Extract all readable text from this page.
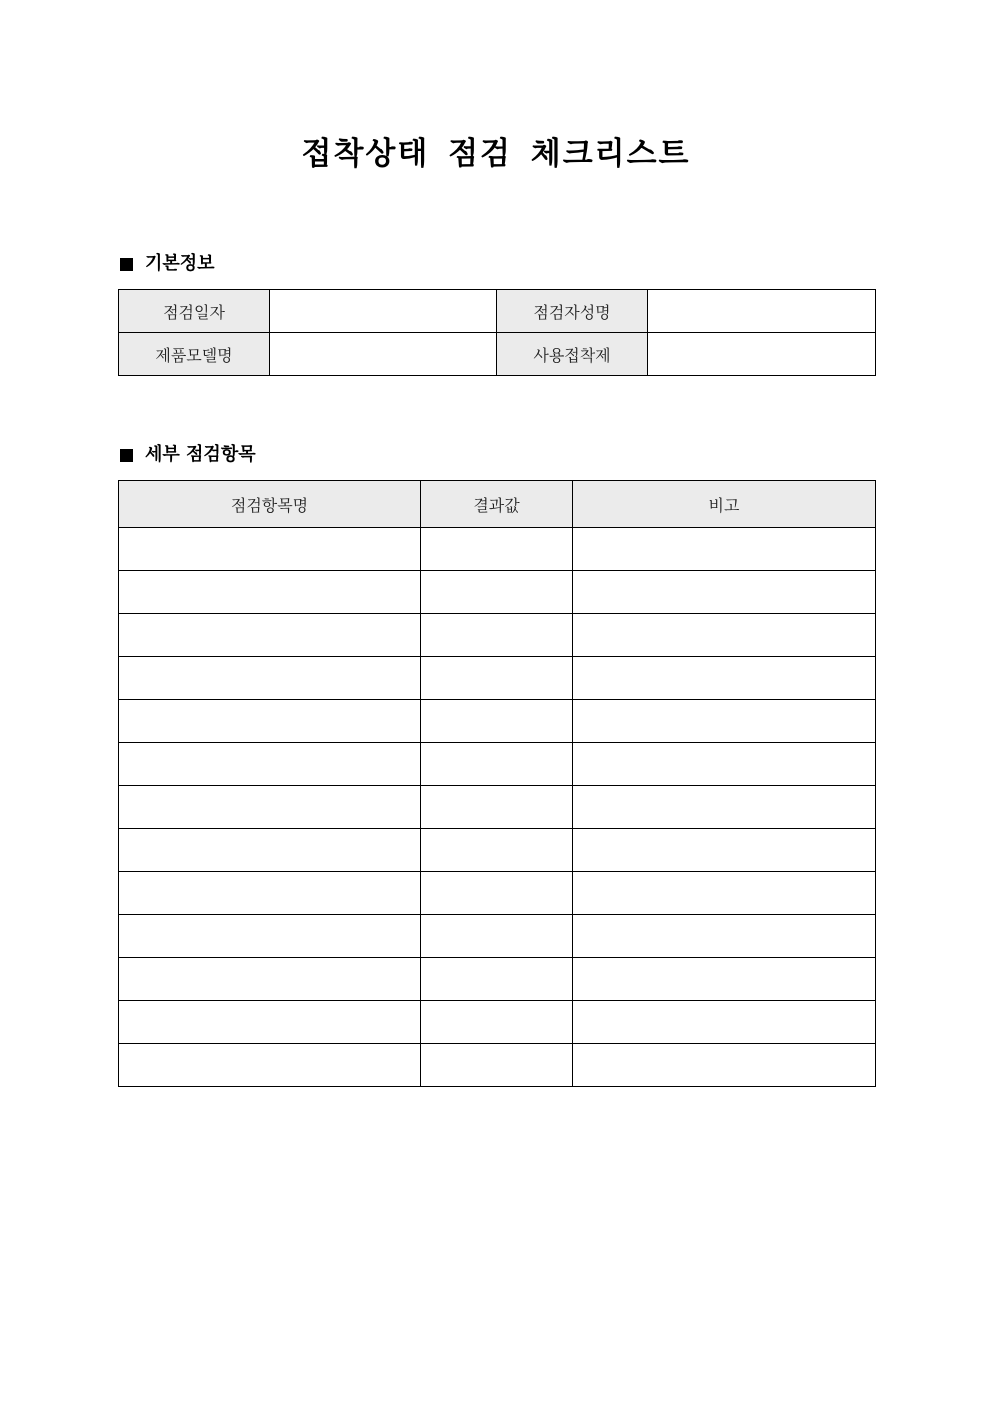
접착상태 점검 체크리스트
기본정보
점검일자		점검자성명	
제품모델명		사용접착제	
세부 점검항목
점검항목명	결과값	비고
